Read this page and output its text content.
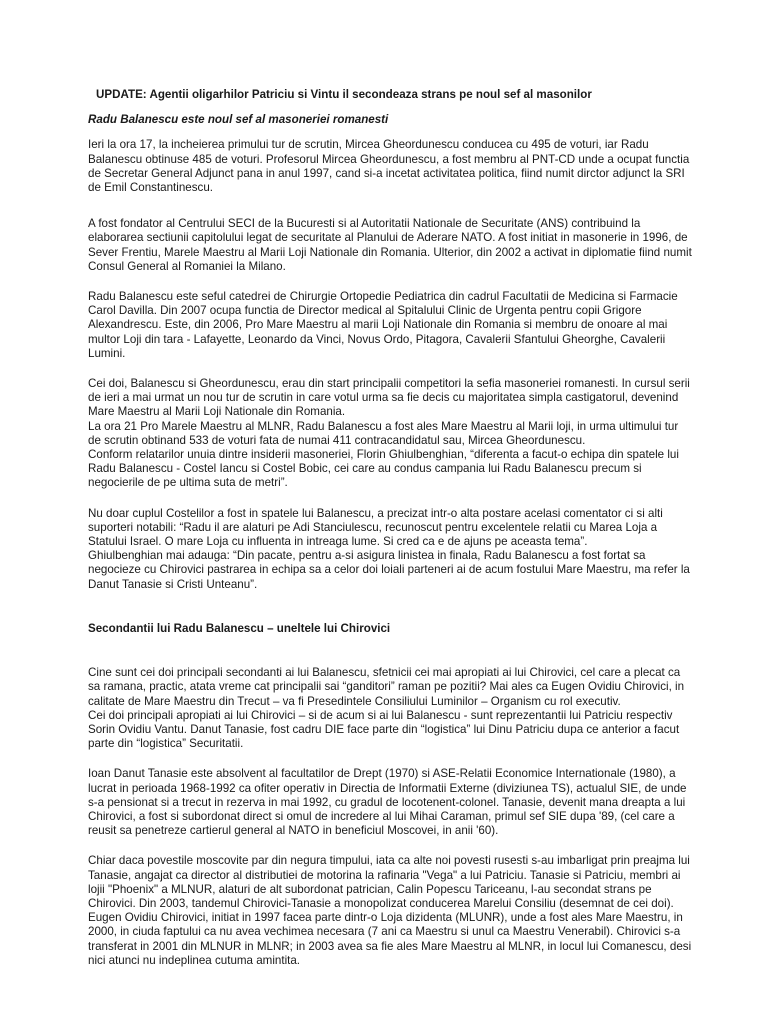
UPDATE: Agentii oligarhilor Patriciu si Vintu il secondeaza strans pe noul sef al masonilor

Radu Balanescu este noul sef al masoneriei romanesti

Ieri la ora 17, la incheierea primului tur de scrutin, Mircea Gheordunescu conducea cu 495 de voturi, iar Radu Balanescu obtinuse 485 de voturi. Profesorul Mircea Gheordunescu, a fost membru al PNT-CD unde a ocupat functia de Secretar General Adjunct pana in anul 1997, cand si-a incetat activitatea politica, fiind numit dirctor adjunct la SRI de Emil Constantinescu.

A fost fondator al Centrului SECI de la Bucuresti si al Autoritatii Nationale de Securitate (ANS) contribuind la elaborarea sectiunii capitolului legat de securitate al Planului de Aderare NATO. A fost initiat in masonerie in 1996, de Sever Frentiu, Marele Maestru al Marii Loji Nationale din Romania. Ulterior, din 2002 a activat in diplomatie fiind numit Consul General al Romaniei la Milano.

Radu Balanescu este seful catedrei de Chirurgie Ortopedie Pediatrica din cadrul Facultatii de Medicina si Farmacie Carol Davilla. Din 2007 ocupa functia de Director medical al Spitalului Clinic de Urgenta pentru copii Grigore Alexandrescu. Este, din 2006, Pro Mare Maestru al marii Loji Nationale din Romania si membru de onoare al mai multor Loji din tara - Lafayette, Leonardo da Vinci, Novus Ordo, Pitagora, Cavalerii Sfantului Gheorghe, Cavalerii Lumini.

Cei doi, Balanescu si Gheordunescu, erau din start principalii competitori la sefia masoneriei romanesti. In cursul serii de ieri a mai urmat un nou tur de scrutin in care votul urma sa fie decis cu majoritatea simpla castigatorul, devenind Mare Maestru al Marii Loji Nationale din Romania.
La ora 21 Pro Marele Maestru al MLNR, Radu Balanescu a fost ales Mare Maestru al Marii loji, in urma ultimului tur de scrutin obtinand 533 de voturi fata de numai 411 contracandidatul sau, Mircea Gheordunescu.
Conform relatarilor unuia dintre insiderii masoneriei, Florin Ghiulbenghian, “diferenta a facut-o echipa din spatele lui Radu Balanescu - Costel Iancu si Costel Bobic, cei care au condus campania lui Radu Balanescu precum si negocierile de pe ultima suta de metri”.

Nu doar cuplul Costelilor a fost in spatele lui Balanescu, a precizat intr-o alta postare acelasi comentator ci si alti suporteri notabili: “Radu il are alaturi pe Adi Stanciulescu, recunoscut pentru excelentele relatii cu Marea Loja a Statului Israel. O mare Loja cu influenta in intreaga lume. Si cred ca e de ajuns pe aceasta tema”.
Ghiulbenghian mai adauga: “Din pacate, pentru a-si asigura linistea in finala, Radu Balanescu a fost fortat sa negocieze cu Chirovici pastrarea in echipa sa a celor doi loiali parteneri ai de acum fostului Mare Maestru, ma refer la Danut Tanasie si Cristi Unteanu”.

Secondantii lui Radu Balanescu – uneltele lui Chirovici

Cine sunt cei doi principali secondanti ai lui Balanescu, sfetnicii cei mai apropiati ai lui Chirovici, cel care a plecat ca sa ramana, practic, atata vreme cat principalii sai “ganditori” raman pe pozitii? Mai ales ca Eugen Ovidiu Chirovici, in calitate de Mare Maestru din Trecut – va fi Presedintele Consiliului Luminilor – Organism cu rol executiv.
Cei doi principali apropiati ai lui Chirovici – si de acum si ai lui Balanescu - sunt reprezentantii lui Patriciu respectiv Sorin Ovidiu Vantu. Danut Tanasie, fost cadru DIE face parte din “logistica” lui Dinu Patriciu dupa ce anterior a facut parte din “logistica” Securitatii.

Ioan Danut Tanasie este absolvent al facultatilor de Drept (1970) si ASE-Relatii Economice Internationale (1980), a lucrat in perioada 1968-1992 ca ofiter operativ in Directia de Informatii Externe (diviziunea TS), actualul SIE, de unde s-a pensionat si a trecut in rezerva in mai 1992, cu gradul de locotenent-colonel. Tanasie, devenit mana dreapta a lui Chirovici, a fost si subordonat direct si omul de incredere al lui Mihai Caraman, primul sef SIE dupa '89, (cel care a reusit sa penetreze cartierul general al NATO in beneficiul Moscovei, in anii '60).

Chiar daca povestile moscovite par din negura timpului, iata ca alte noi povesti rusesti s-au imbarligat prin preajma lui Tanasie, angajat ca director al distributiei de motorina la rafinaria "Vega" a lui Patriciu. Tanasie si Patriciu, membri ai lojii "Phoenix" a MLNUR, alaturi de alt subordonat patrician, Calin Popescu Tariceanu, l-au secondat strans pe Chirovici. Din 2003, tandemul Chirovici-Tanasie a monopolizat conducerea Marelui Consiliu (desemnat de cei doi). Eugen Ovidiu Chirovici, initiat in 1997 facea parte dintr-o Loja dizidenta (MLUNR), unde a fost ales Mare Maestru, in 2000, in ciuda faptului ca nu avea vechimea necesara (7 ani ca Maestru si unul ca Maestru Venerabil). Chirovici s-a transferat in 2001 din MLNUR in MLNR; in 2003 avea sa fie ales Mare Maestru al MLNR, in locul lui Comanescu, desi nici atunci nu indeplinea cutuma amintita.
